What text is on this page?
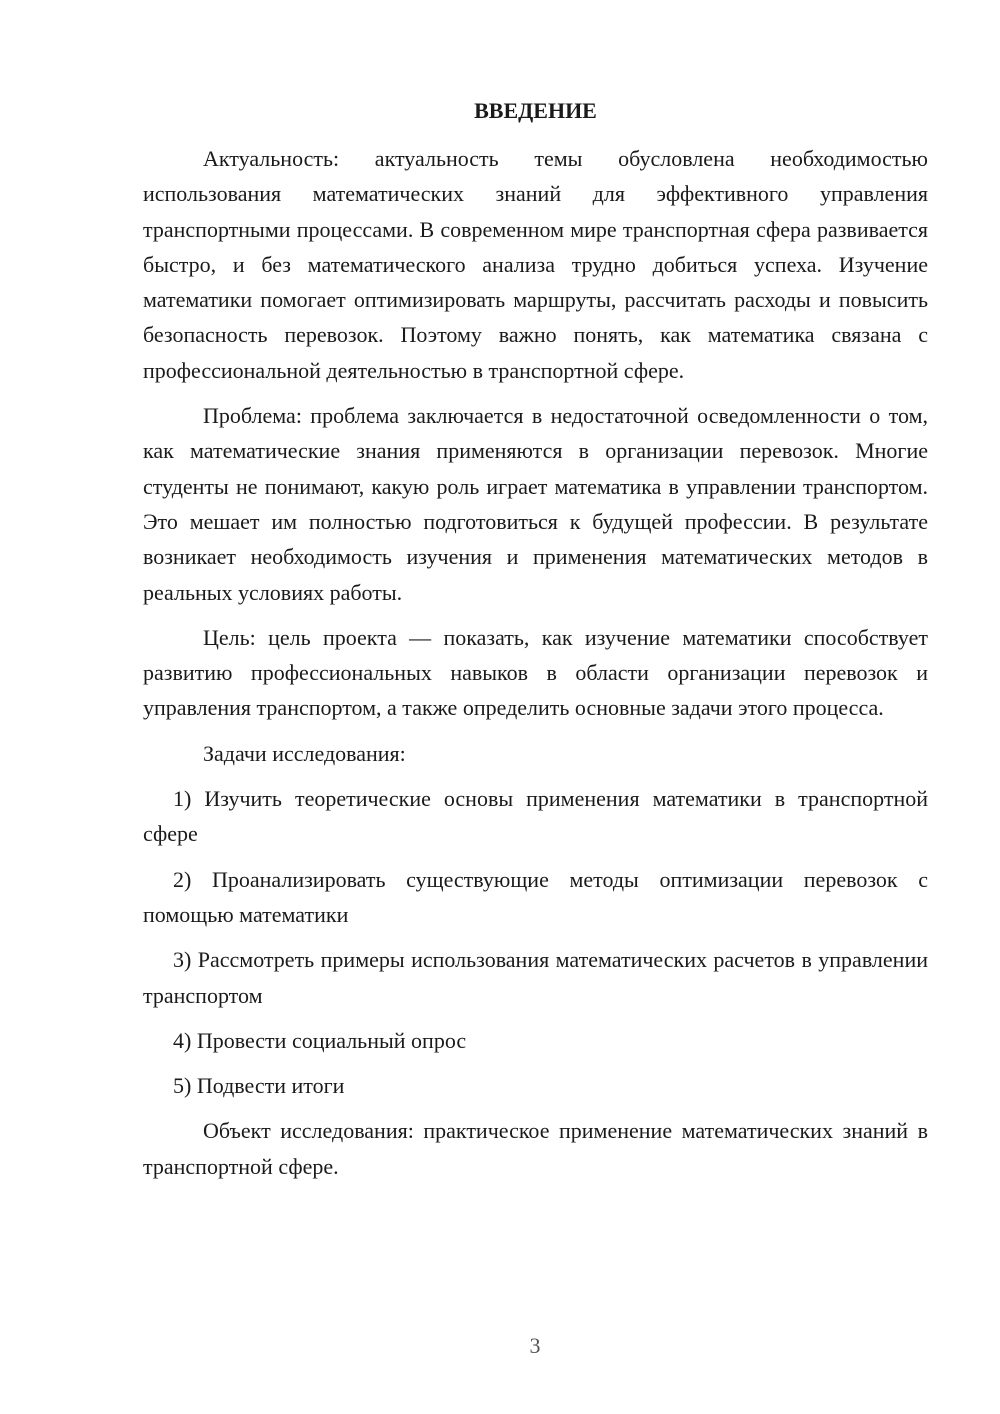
ВВЕДЕНИЕ

Актуальность: актуальность темы обусловлена необходимостью использования математических знаний для эффективного управления транспортными процессами. В современном мире транспортная сфера развивается быстро, и без математического анализа трудно добиться успеха. Изучение математики помогает оптимизировать маршруты, рассчитать расходы и повысить безопасность перевозок. Поэтому важно понять, как математика связана с профессиональной деятельностью в транспортной сфере.

Проблема: проблема заключается в недостаточной осведомленности о том, как математические знания применяются в организации перевозок. Многие студенты не понимают, какую роль играет математика в управлении транспортом. Это мешает им полностью подготовиться к будущей профессии. В результате возникает необходимость изучения и применения математических методов в реальных условиях работы.

Цель: цель проекта — показать, как изучение математики способствует развитию профессиональных навыков в области организации перевозок и управления транспортом, а также определить основные задачи этого процесса.

Задачи исследования:

1) Изучить теоретические основы применения математики в транспортной сфере

2) Проанализировать существующие методы оптимизации перевозок с помощью математики

3) Рассмотреть примеры использования математических расчетов в управлении транспортом

4) Провести социальный опрос

5) Подвести итоги

Объект исследования: практическое применение математических знаний в транспортной сфере.

3
